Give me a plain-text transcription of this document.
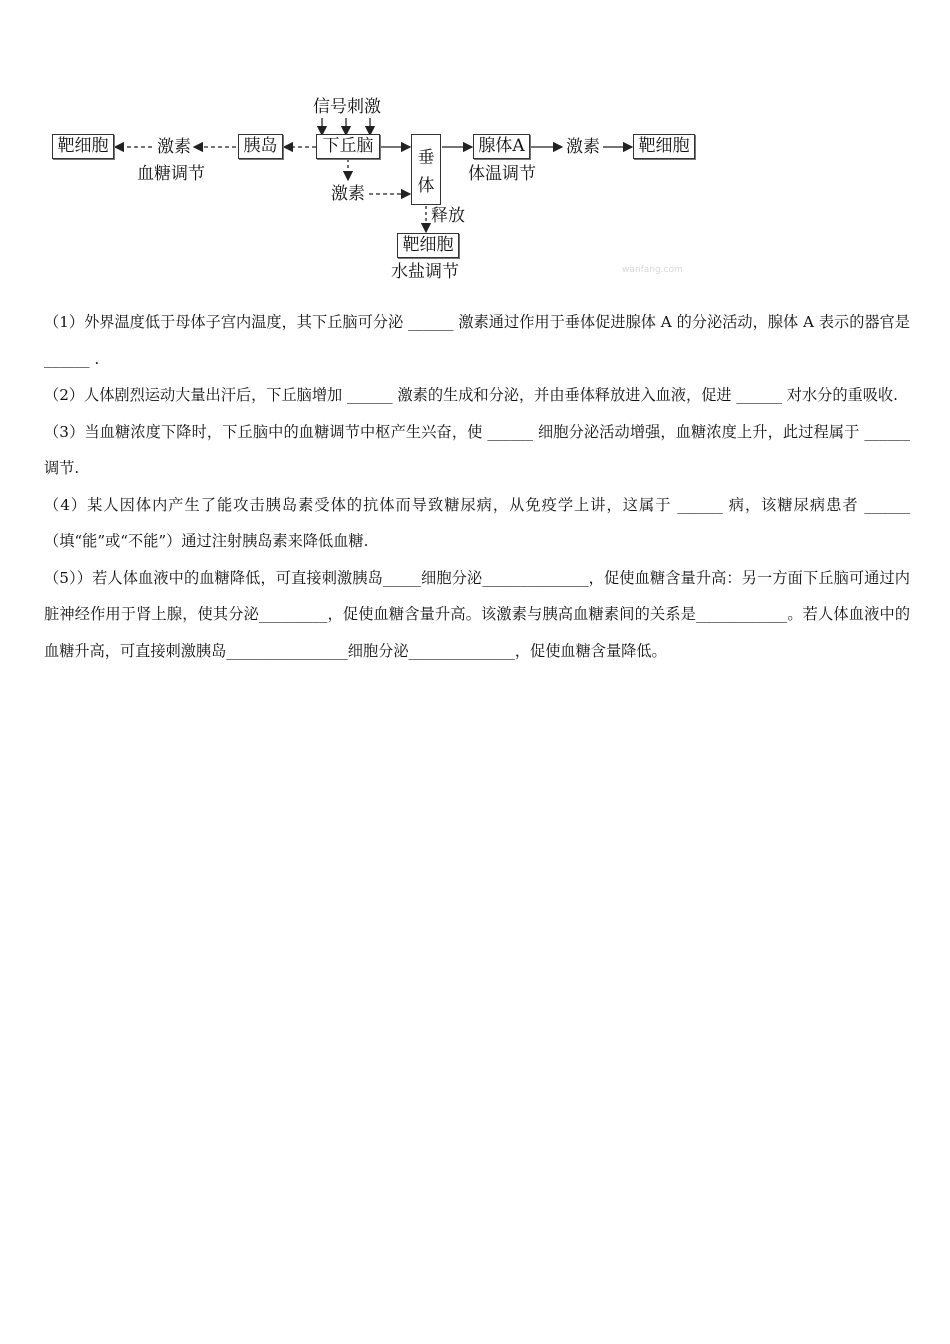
靶细胞	激素
血糖调节
胰岛
信号刺激
下丘脑
垂
体
腺体A
体温调节
激素	靶细胞
激素
释放
靶细胞
水盐调节	wanfang.com

（1）外界温度低于母体子宫内温度，其下丘脑可分泌 ______ 激素通过作用于垂体促进腺体 A 的分泌活动，腺体 A 表示的器官是 ______ .

（2）人体剧烈运动大量出汗后，下丘脑增加 ______ 激素的生成和分泌，并由垂体释放进入血液，促进 ______ 对水分的重吸收.

（3）当血糖浓度下降时，下丘脑中的血糖调节中枢产生兴奋，使 ______ 细胞分泌活动增强，血糖浓度上升，此过程属于 ______ 调节.

（4）某人因体内产生了能攻击胰岛素受体的抗体而导致糖尿病，从免疫学上讲，这属于 ______ 病，该糖尿病患者 ______（填“能”或“不能”）通过注射胰岛素来降低血糖.

（5））若人体血液中的血糖降低，可直接刺激胰岛_____细胞分泌______________，促使血糖含量升高：另一方面下丘脑可通过内脏神经作用于肾上腺，使其分泌_________，促使血糖含量升高。该激素与胰高血糖素间的关系是____________。若人体血液中的血糖升高，可直接刺激胰岛________________细胞分泌______________，促使血糖含量降低。
